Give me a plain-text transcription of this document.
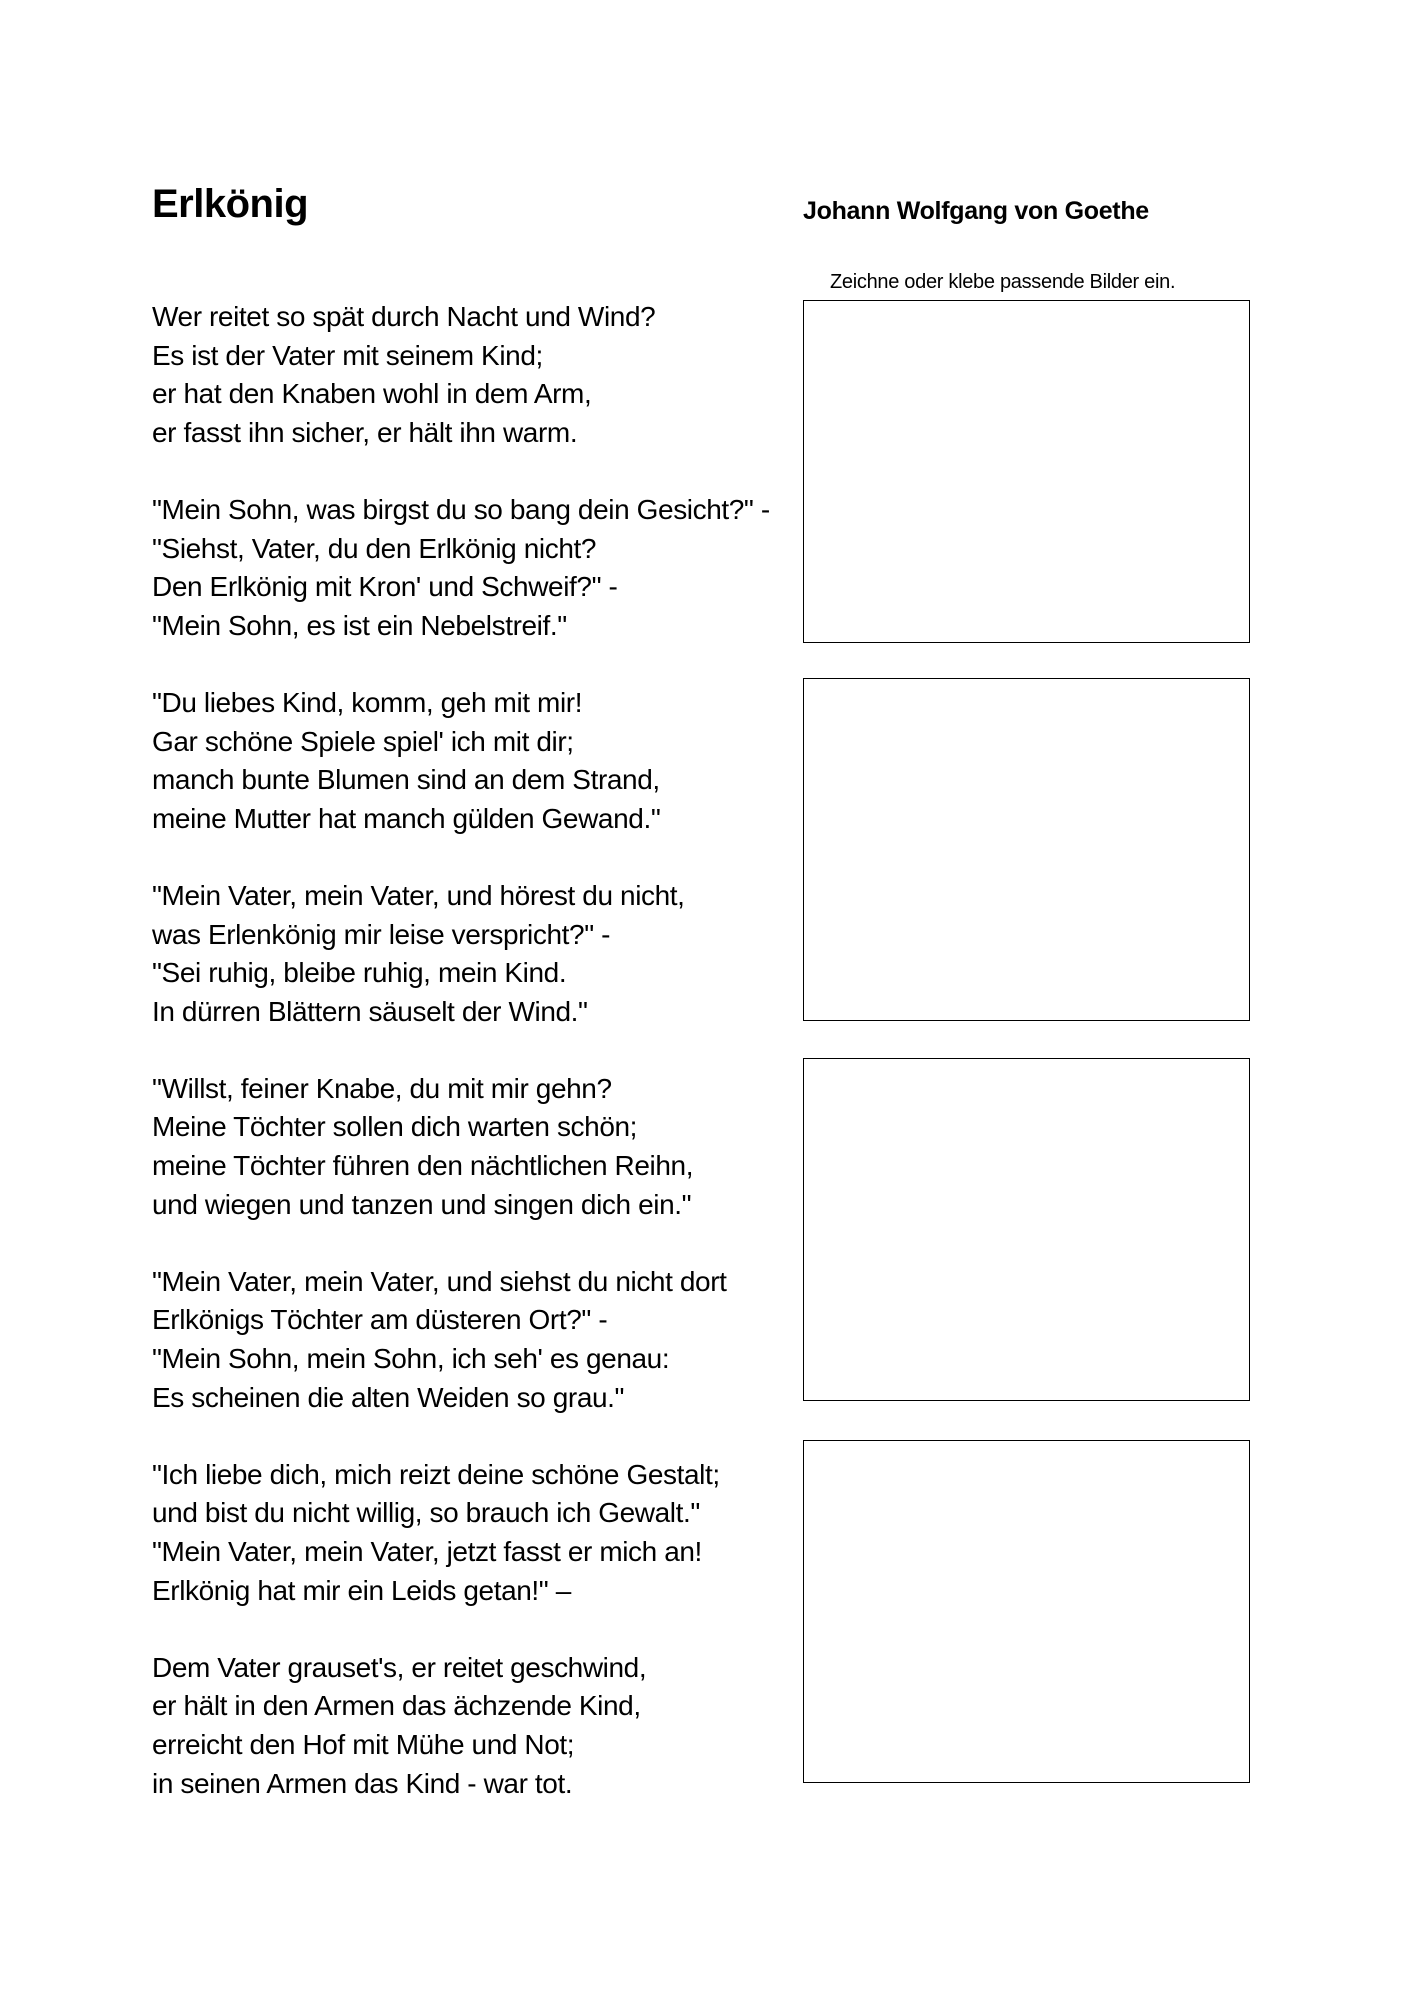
Erlkönig	Johann Wolfgang von Goethe
Zeichne oder klebe passende Bilder ein.
Wer reitet so spät durch Nacht und Wind?
Es ist der Vater mit seinem Kind;
er hat den Knaben wohl in dem Arm,
er fasst ihn sicher, er hält ihn warm.
"Mein Sohn, was birgst du so bang dein Gesicht?" -
"Siehst, Vater, du den Erlkönig nicht?
Den Erlkönig mit Kron' und Schweif?" -
"Mein Sohn, es ist ein Nebelstreif."
"Du liebes Kind, komm, geh mit mir!
Gar schöne Spiele spiel' ich mit dir;
manch bunte Blumen sind an dem Strand,
meine Mutter hat manch gülden Gewand."
"Mein Vater, mein Vater, und hörest du nicht,
was Erlenkönig mir leise verspricht?" -
"Sei ruhig, bleibe ruhig, mein Kind.
In dürren Blättern säuselt der Wind."
"Willst, feiner Knabe, du mit mir gehn?
Meine Töchter sollen dich warten schön;
meine Töchter führen den nächtlichen Reihn,
und wiegen und tanzen und singen dich ein."
"Mein Vater, mein Vater, und siehst du nicht dort
Erlkönigs Töchter am düsteren Ort?" -
"Mein Sohn, mein Sohn, ich seh' es genau:
Es scheinen die alten Weiden so grau."
"Ich liebe dich, mich reizt deine schöne Gestalt;
und bist du nicht willig, so brauch ich Gewalt."
"Mein Vater, mein Vater, jetzt fasst er mich an!
Erlkönig hat mir ein Leids getan!" –
Dem Vater grauset's, er reitet geschwind,
er hält in den Armen das ächzende Kind,
erreicht den Hof mit Mühe und Not;
in seinen Armen das Kind - war tot.
